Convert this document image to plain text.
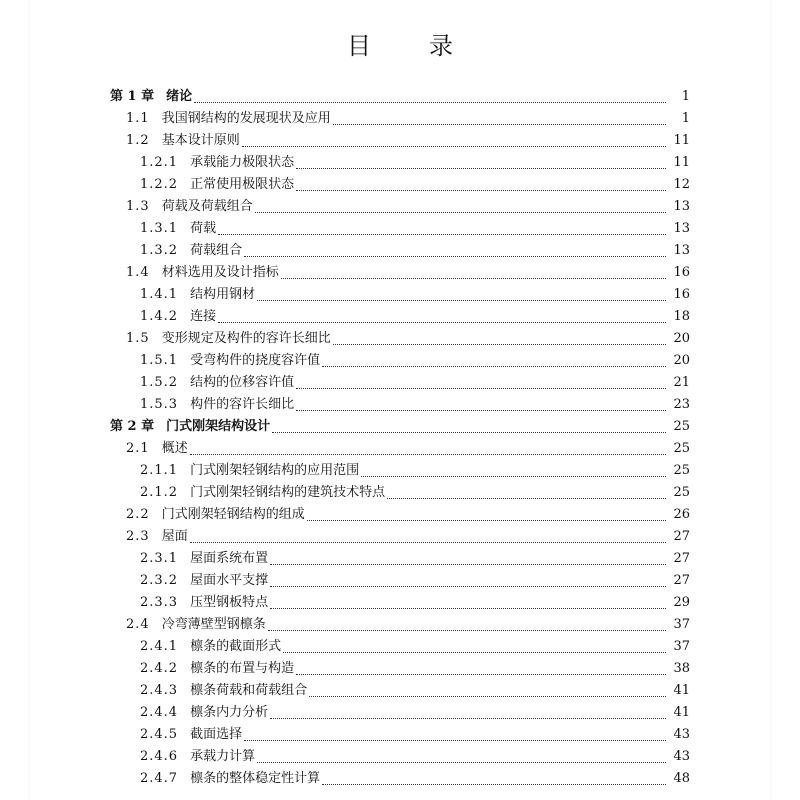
目 录
第 1 章 绪论	1
1.1 我国钢结构的发展现状及应用	1
1.2 基本设计原则	11
1.2.1 承载能力极限状态	11
1.2.2 正常使用极限状态	12
1.3 荷载及荷载组合	13
1.3.1 荷载	13
1.3.2 荷载组合	13
1.4 材料选用及设计指标	16
1.4.1 结构用钢材	16
1.4.2 连接	18
1.5 变形规定及构件的容许长细比	20
1.5.1 受弯构件的挠度容许值	20
1.5.2 结构的位移容许值	21
1.5.3 构件的容许长细比	23
第 2 章 门式刚架结构设计	25
2.1 概述	25
2.1.1 门式刚架轻钢结构的应用范围	25
2.1.2 门式刚架轻钢结构的建筑技术特点	25
2.2 门式刚架轻钢结构的组成	26
2.3 屋面	27
2.3.1 屋面系统布置	27
2.3.2 屋面水平支撑	27
2.3.3 压型钢板特点	29
2.4 冷弯薄壁型钢檩条	37
2.4.1 檩条的截面形式	37
2.4.2 檩条的布置与构造	38
2.4.3 檩条荷载和荷载组合	41
2.4.4 檩条内力分析	41
2.4.5 截面选择	43
2.4.6 承载力计算	43
2.4.7 檩条的整体稳定性计算	48
